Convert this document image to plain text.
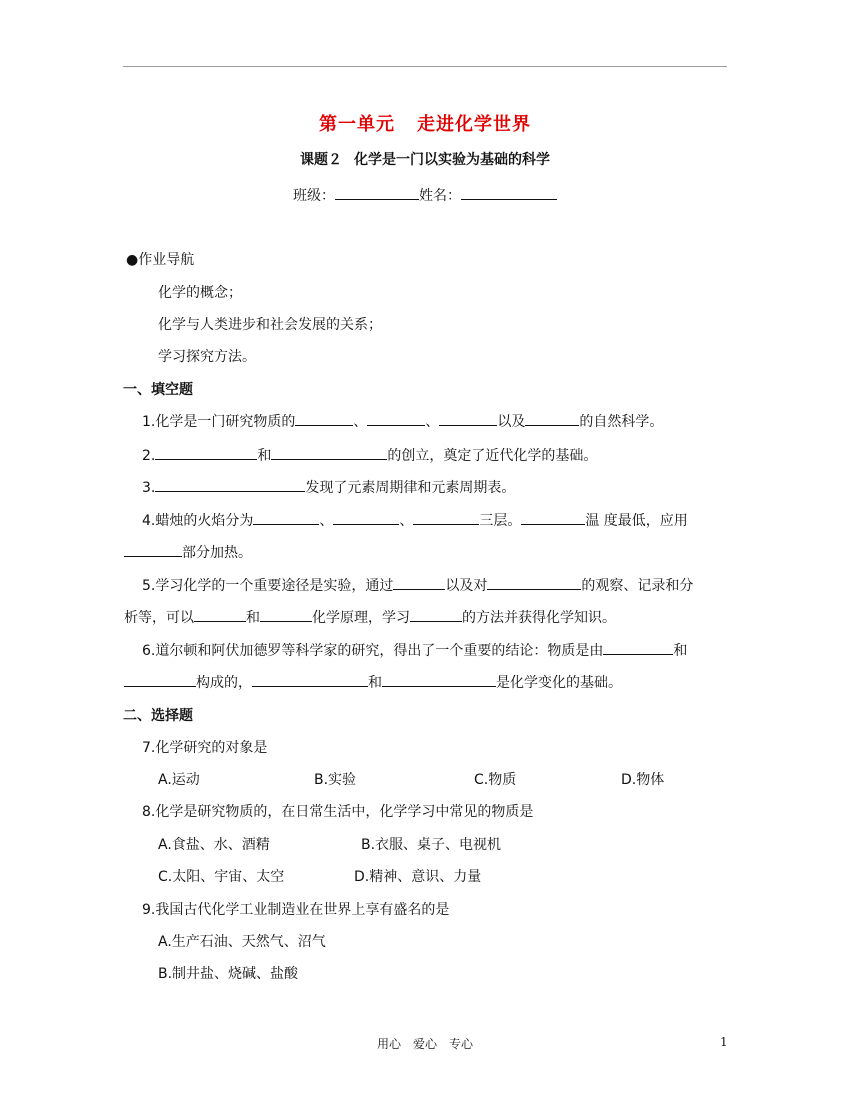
第一单元 走进化学世界
课题２ 化学是一门以实验为基础的科学
班级：	姓名：
●作业导航
化学的概念；
化学与人类进步和社会发展的关系；
学习探究方法。
一、填空题
1.化学是一门研究物质的	、	、	以及	的自然科学。
2.	和	的创立，奠定了近代化学的基础。
3.	发现了元素周期律和元素周期表。
4.蜡烛的火焰分为	、	、	三层。	温 度最低，应用
部分加热。
5.学习化学的一个重要途径是实验，通过	以及对	的观察、记录和分
析等，可以	和	化学原理，学习	的方法并获得化学知识。
6.道尔顿和阿伏加德罗等科学家的研究，得出了一个重要的结论：物质是由	和
构成的，	和	是化学变化的基础。
二、选择题
7.化学研究的对象是
A.运动	B.实验	C.物质	D.物体
8.化学是研究物质的，在日常生活中，化学学习中常见的物质是
A.食盐、水、酒精	B.衣服、桌子、电视机
C.太阳、宇宙、太空	D.精神、意识、力量
9.我国古代化学工业制造业在世界上享有盛名的是
A.生产石油、天然气、沼气
B.制井盐、烧碱、盐酸
用心　爱心　专心	1
